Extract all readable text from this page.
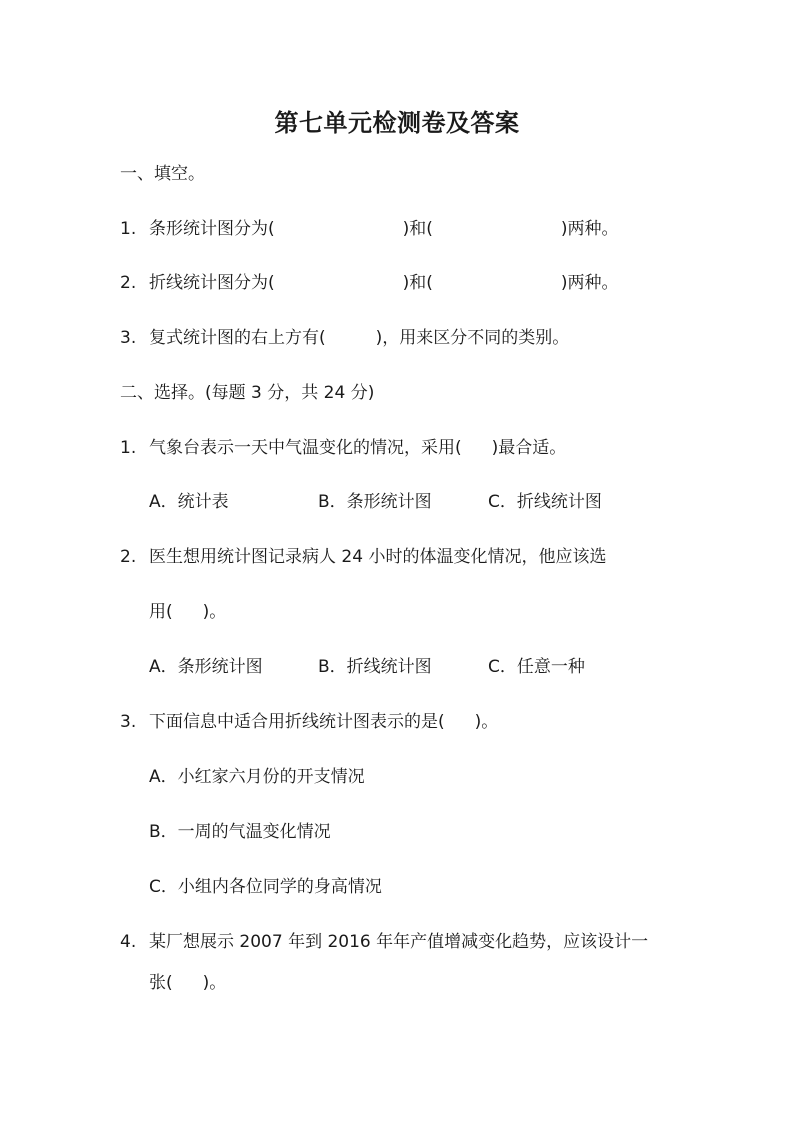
第七单元检测卷及答案
一、填空。
1. 条形统计图分为(	)和(	)两种。
2. 折线统计图分为(	)和(	)两种。
3. 复式统计图的右上方有(	)，用来区分不同的类别。
二、选择。(每题 3 分，共 24 分)
1. 气象台表示一天中气温变化的情况，采用( )最合适。
A．统计表	B．条形统计图	C．折线统计图
2. 医生想用统计图记录病人 24 小时的体温变化情况，他应该选
用( )。
A．条形统计图	B．折线统计图	C．任意一种
3. 下面信息中适合用折线统计图表示的是( )。
A．小红家六月份的开支情况
B．一周的气温变化情况
C．小组内各位同学的身高情况
4. 某厂想展示 2007 年到 2016 年年产值增减变化趋势，应该设计一
张( )。
